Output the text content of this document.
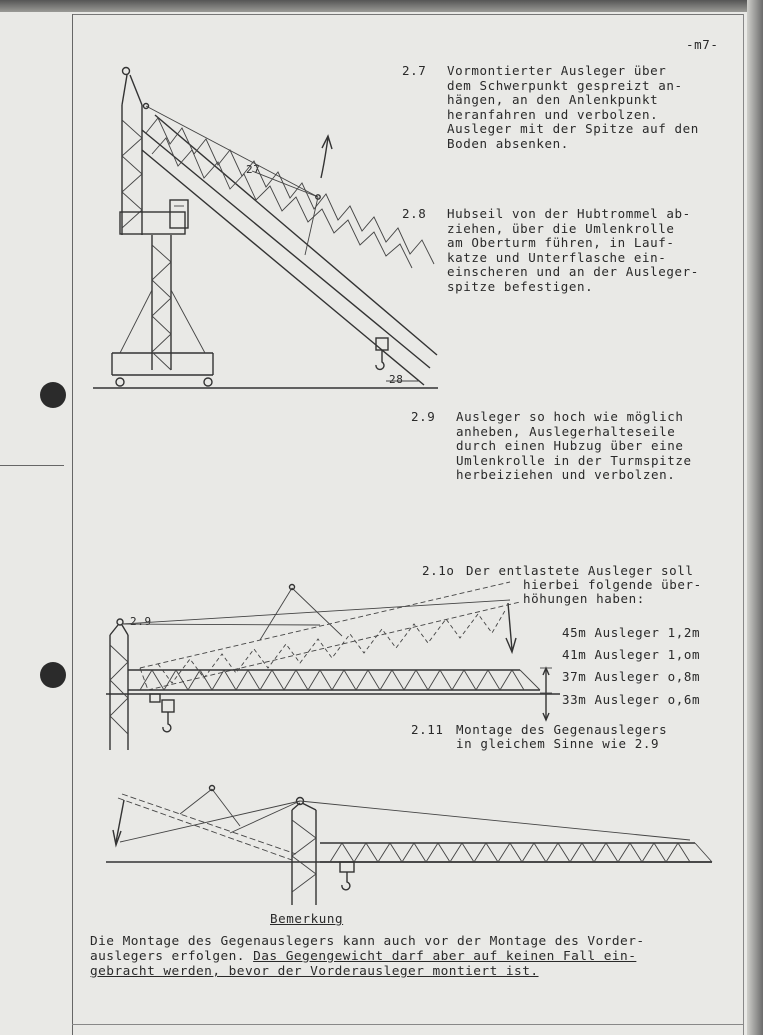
-m7-
2.7 Vormontierter Ausleger über
dem Schwerpunkt gespreizt an-
hängen, an den Anlenkpunkt
heranfahren und verbolzen.
Ausleger mit der Spitze auf den
Boden absenken.
2.8 Hubseil von der Hubtrommel ab-
ziehen, über die Umlenkrolle
am Oberturm führen, in Lauf-
katze und Unterflasche ein-
einscheren und an der Ausleger-
spitze befestigen.
2.9 Ausleger so hoch wie möglich
anheben, Auslegerhalteseile
durch einen Hubzug über eine
Umlenkrolle in der Turmspitze
herbeiziehen und verbolzen.
2.1o Der entlastete Ausleger soll
hierbei folgende über-
höhungen haben:
45m Ausleger 1,2m
41m Ausleger 1,om
37m Ausleger o,8m
33m Ausleger o,6m
2.11 Montage des Gegenauslegers
in gleichem Sinne wie 2.9
27
28
2.9
Bemerkung
Die Montage des Gegenauslegers kann auch vor der Montage des Vorder-
auslegers erfolgen. Das Gegengewicht darf aber auf keinen Fall ein-
gebracht werden, bevor der Vorderausleger montiert ist.
